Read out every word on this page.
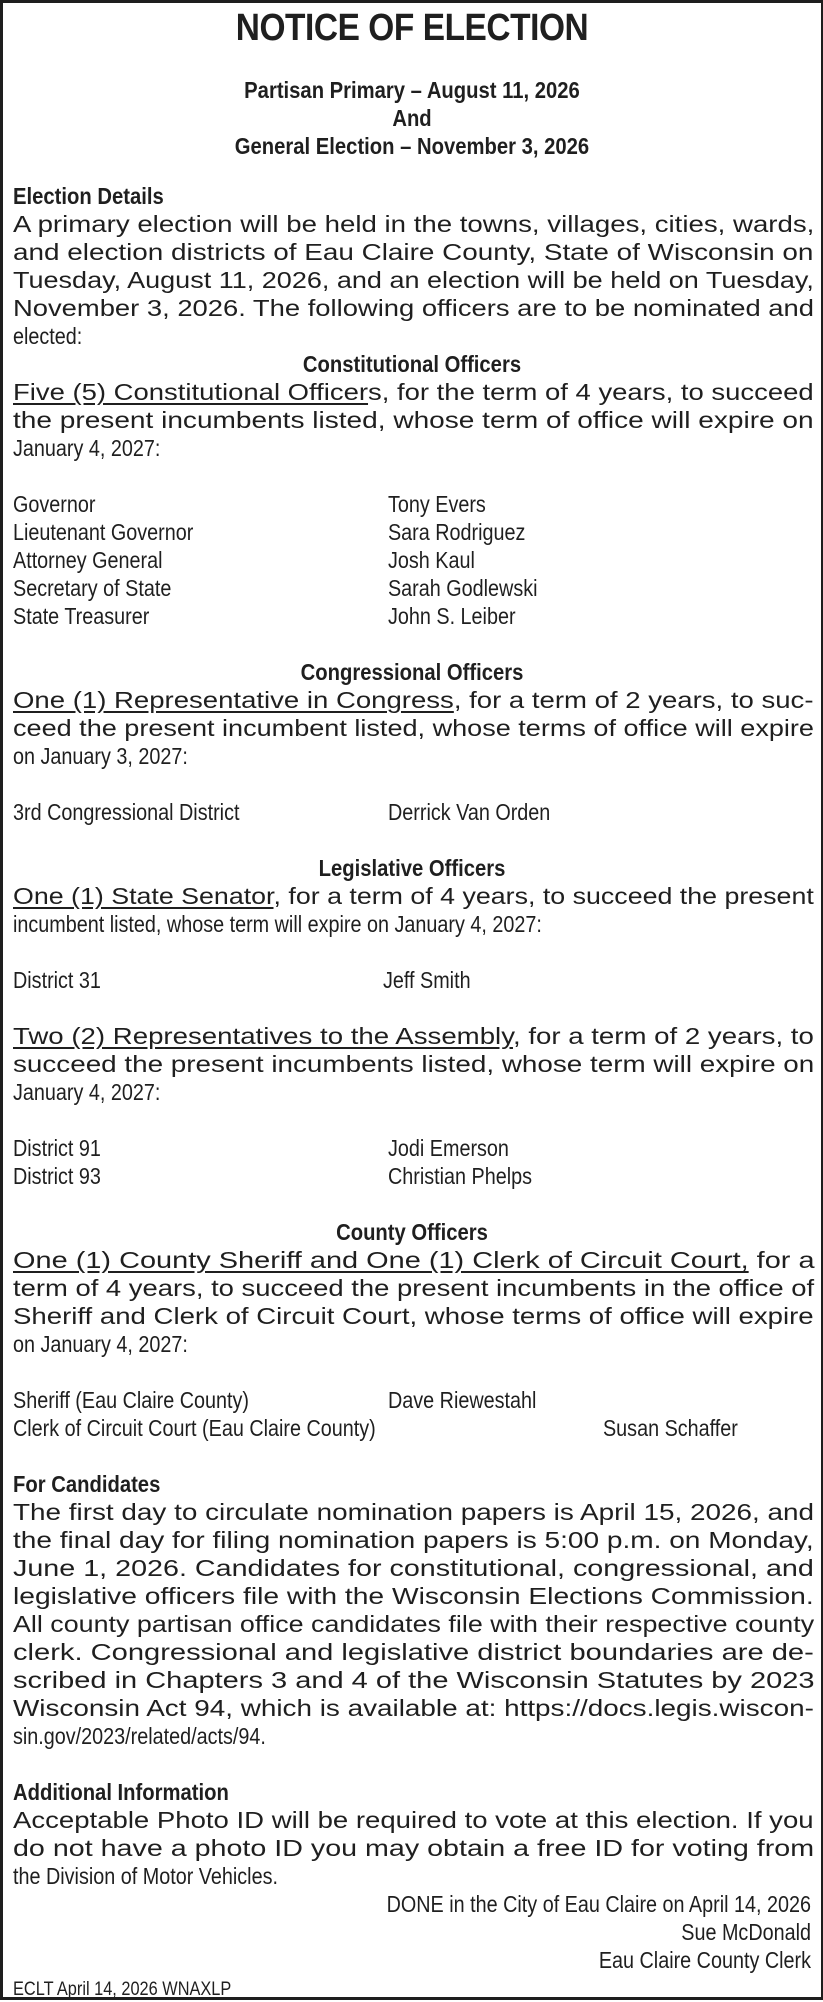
NOTICE OF ELECTION

Partisan Primary – August 11, 2026

And

General Election – November 3, 2026

Election Details

A primary election will be held in the towns, villages, cities, wards,
and election districts of Eau Claire County, State of Wisconsin on
Tuesday, August 11, 2026, and an election will be held on Tuesday,
November 3, 2026. The following officers are to be nominated and
elected:

Constitutional Officers

Five (5) Constitutional Officers, for the term of 4 years, to succeed
the present incumbents listed, whose term of office will expire on
January 4, 2027:
Governor	Tony Evers
Lieutenant Governor	Sara Rodriguez
Attorney General	Josh Kaul
Secretary of State	Sarah Godlewski
State Treasurer	John S. Leiber

Congressional Officers

One (1) Representative in Congress, for a term of 2 years, to suc-
ceed the present incumbent listed, whose terms of office will expire
on January 3, 2027:
3rd Congressional District	Derrick Van Orden

Legislative Officers

One (1) State Senator, for a term of 4 years, to succeed the present
incumbent listed, whose term will expire on January 4, 2027:
District 31	Jeff Smith
Two (2) Representatives to the Assembly, for a term of 2 years, to
succeed the present incumbents listed, whose term will expire on
January 4, 2027:
District 91	Jodi Emerson
District 93	Christian Phelps

County Officers

One (1) County Sheriff and One (1) Clerk of Circuit Court, for a
term of 4 years, to succeed the present incumbents in the office of
Sheriff and Clerk of Circuit Court, whose terms of office will expire
on January 4, 2027:
Sheriff (Eau Claire County)	Dave Riewestahl
Clerk of Circuit Court (Eau Claire County)	Susan Schaffer

For Candidates

The first day to circulate nomination papers is April 15, 2026, and
the final day for filing nomination papers is 5:00 p.m. on Monday,
June 1, 2026. Candidates for constitutional, congressional, and
legislative officers file with the Wisconsin Elections Commission.
All county partisan office candidates file with their respective county
clerk. Congressional and legislative district boundaries are de-
scribed in Chapters 3 and 4 of the Wisconsin Statutes by 2023
Wisconsin Act 94, which is available at: https://docs.legis.wiscon-
sin.gov/2023/related/acts/94.

Additional Information

Acceptable Photo ID will be required to vote at this election. If you
do not have a photo ID you may obtain a free ID for voting from
the Division of Motor Vehicles.
DONE in the City of Eau Claire on April 14, 2026
Sue McDonald
Eau Claire County Clerk
ECLT April 14, 2026 WNAXLP
